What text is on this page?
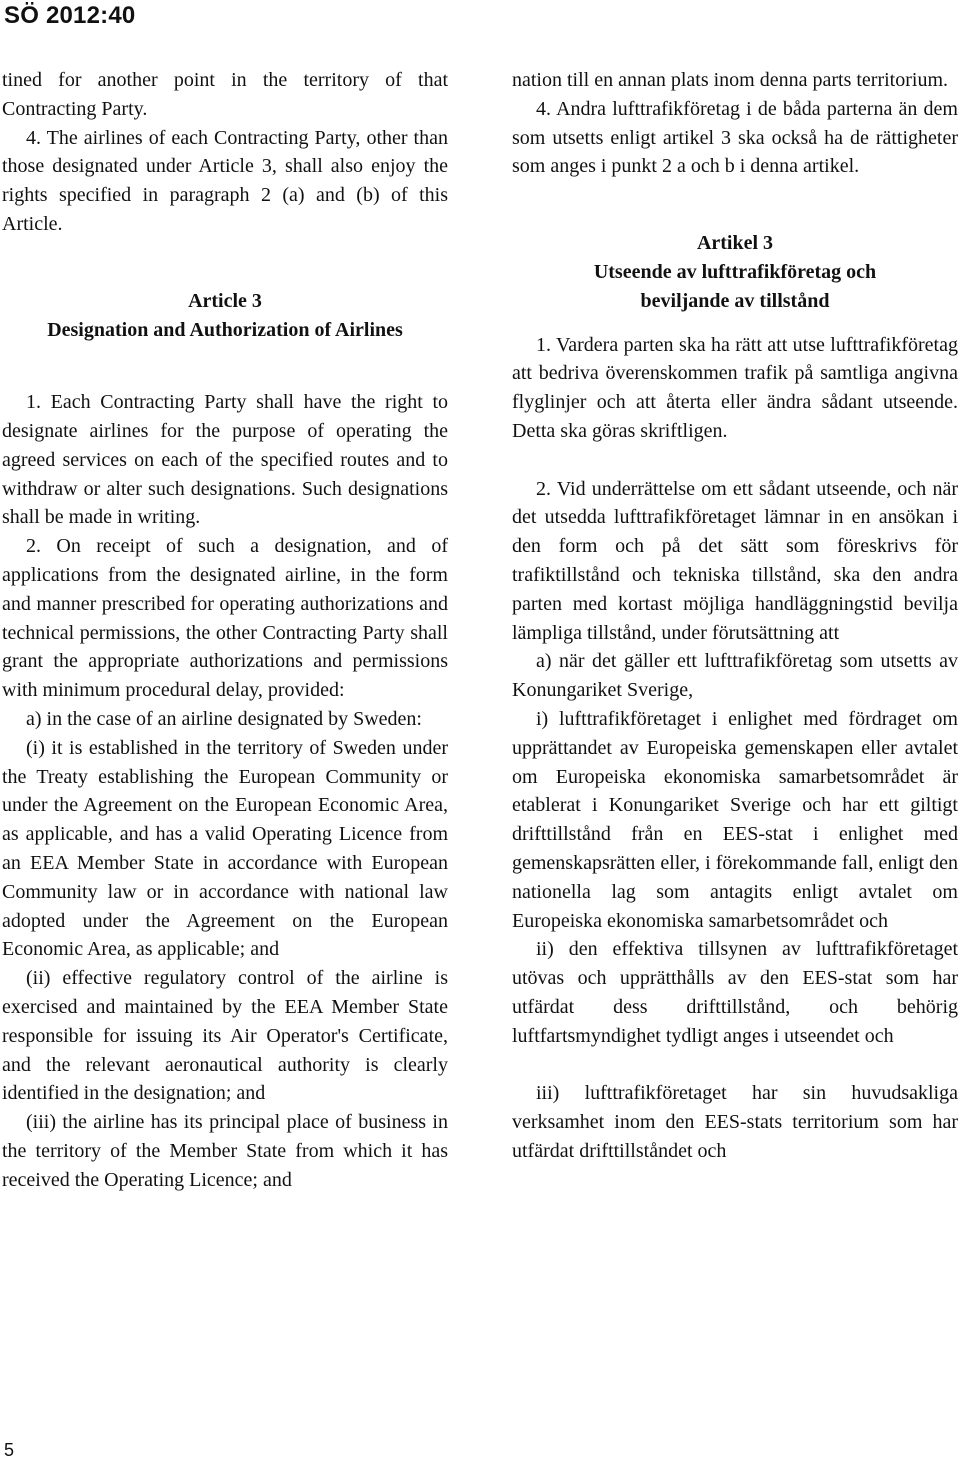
SÖ 2012:40

tined for another point in the territory of that Contracting Party.

4. The airlines of each Contracting Party, other than those designated under Article 3, shall also enjoy the rights specified in paragraph 2 (a) and (b) of this Article.

Article 3
Designation and Authorization of Airlines

1. Each Contracting Party shall have the right to designate airlines for the purpose of operating the agreed services on each of the specified routes and to withdraw or alter such designations. Such designations shall be made in writing.

2. On receipt of such a designation, and of applications from the designated airline, in the form and manner prescribed for operating authorizations and technical permissions, the other Contracting Party shall grant the appropriate authorizations and permissions with minimum procedural delay, provided:

a) in the case of an airline designated by Sweden:

(i) it is established in the territory of Sweden under the Treaty establishing the European Community or under the Agreement on the European Economic Area, as applicable, and has a valid Operating Licence from an EEA Member State in accordance with European Community law or in accordance with national law adopted under the Agreement on the European Economic Area, as applicable; and

(ii) effective regulatory control of the airline is exercised and maintained by the EEA Member State responsible for issuing its Air Operator's Certificate, and the relevant aeronautical authority is clearly identified in the designation; and

(iii) the airline has its principal place of business in the territory of the Member State from which it has received the Operating Licence; and

nation till en annan plats inom denna parts territorium.

4. Andra lufttrafikföretag i de båda parterna än dem som utsetts enligt artikel 3 ska också ha de rättigheter som anges i punkt 2 a och b i denna artikel.

Artikel 3
Utseende av lufttrafikföretag och
beviljande av tillstånd

1. Vardera parten ska ha rätt att utse lufttrafikföretag att bedriva överenskommen trafik på samtliga angivna flyglinjer och att återta eller ändra sådant utseende. Detta ska göras skriftligen.

2. Vid underrättelse om ett sådant utseende, och när det utsedda lufttrafikföretaget lämnar in en ansökan i den form och på det sätt som föreskrivs för trafiktillstånd och tekniska tillstånd, ska den andra parten med kortast möjliga handläggningstid bevilja lämpliga tillstånd, under förutsättning att

a) när det gäller ett lufttrafikföretag som utsetts av Konungariket Sverige,

i) lufttrafikföretaget i enlighet med fördraget om upprättandet av Europeiska gemenskapen eller avtalet om Europeiska ekonomiska samarbetsområdet är etablerat i Konungariket Sverige och har ett giltigt drifttillstånd från en EES-stat i enlighet med gemenskapsrätten eller, i förekommande fall, enligt den nationella lag som antagits enligt avtalet om Europeiska ekonomiska samarbetsområdet och

ii) den effektiva tillsynen av lufttrafikföretaget utövas och upprätthålls av den EES-stat som har utfärdat dess drifttillstånd, och behörig luftfartsmyndighet tydligt anges i utseendet och

iii) lufttrafikföretaget har sin huvudsakliga verksamhet inom den EES-stats territorium som har utfärdat drifttillståndet och

5
